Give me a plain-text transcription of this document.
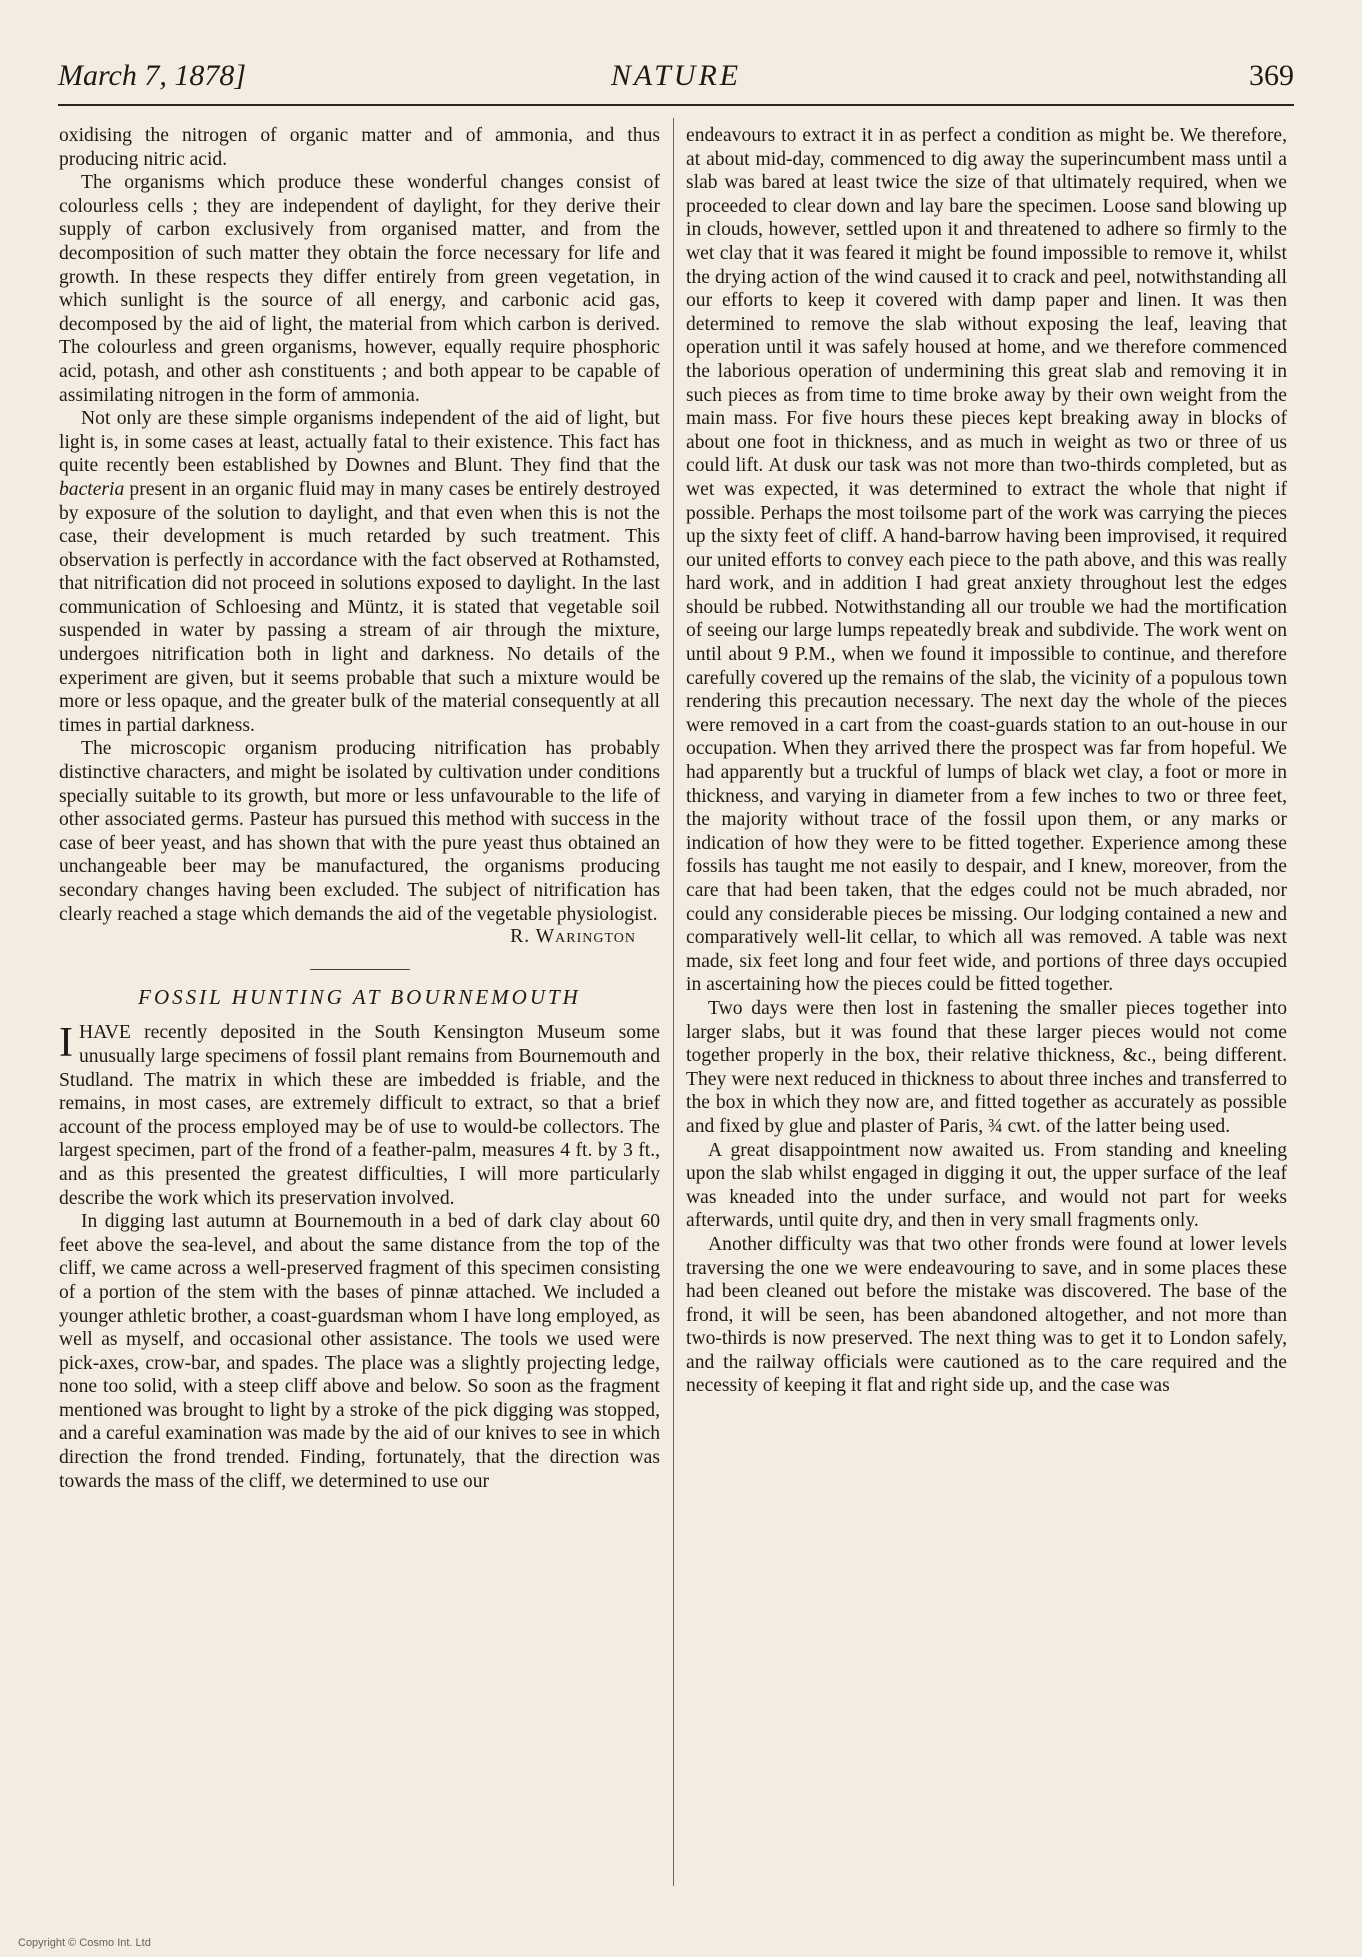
March 7, 1878]	NATURE	369

oxidising the nitrogen of organic matter and of ammonia, and thus producing nitric acid.

The organisms which produce these wonderful changes consist of colourless cells ; they are independent of daylight, for they derive their supply of carbon exclusively from organised matter, and from the decomposition of such matter they obtain the force necessary for life and growth. In these respects they differ entirely from green vegetation, in which sunlight is the source of all energy, and carbonic acid gas, decomposed by the aid of light, the material from which carbon is derived. The colourless and green organisms, however, equally require phosphoric acid, potash, and other ash constituents ; and both appear to be capable of assimilating nitrogen in the form of ammonia.

Not only are these simple organisms independent of the aid of light, but light is, in some cases at least, actually fatal to their existence. This fact has quite recently been established by Downes and Blunt. They find that the bacteria present in an organic fluid may in many cases be entirely destroyed by exposure of the solution to daylight, and that even when this is not the case, their development is much retarded by such treatment. This observation is perfectly in accordance with the fact observed at Rothamsted, that nitrification did not proceed in solutions exposed to daylight. In the last communication of Schloesing and Müntz, it is stated that vegetable soil suspended in water by passing a stream of air through the mixture, undergoes nitrification both in light and darkness. No details of the experiment are given, but it seems probable that such a mixture would be more or less opaque, and the greater bulk of the material consequently at all times in partial darkness.

The microscopic organism producing nitrification has probably distinctive characters, and might be isolated by cultivation under conditions specially suitable to its growth, but more or less unfavourable to the life of other associated germs. Pasteur has pursued this method with success in the case of beer yeast, and has shown that with the pure yeast thus obtained an unchangeable beer may be manufactured, the organisms producing secondary changes having been excluded. The subject of nitrification has clearly reached a stage which demands the aid of the vegetable physiologist.

R. Warington
FOSSIL HUNTING AT BOURNEMOUTH

I HAVE recently deposited in the South Kensington Museum some unusually large specimens of fossil plant remains from Bournemouth and Studland. The matrix in which these are imbedded is friable, and the remains, in most cases, are extremely difficult to extract, so that a brief account of the process employed may be of use to would-be collectors. The largest specimen, part of the frond of a feather-palm, measures 4 ft. by 3 ft., and as this presented the greatest difficulties, I will more particularly describe the work which its preservation involved.

In digging last autumn at Bournemouth in a bed of dark clay about 60 feet above the sea-level, and about the same distance from the top of the cliff, we came across a well-preserved fragment of this specimen consisting of a portion of the stem with the bases of pinnæ attached. We included a younger athletic brother, a coast-guardsman whom I have long employed, as well as myself, and occasional other assistance. The tools we used were pick-axes, crow-bar, and spades. The place was a slightly projecting ledge, none too solid, with a steep cliff above and below. So soon as the fragment mentioned was brought to light by a stroke of the pick digging was stopped, and a careful examination was made by the aid of our knives to see in which direction the frond trended. Finding, fortunately, that the direction was towards the mass of the cliff, we determined to use our

endeavours to extract it in as perfect a condition as might be. We therefore, at about mid-day, commenced to dig away the superincumbent mass until a slab was bared at least twice the size of that ultimately required, when we proceeded to clear down and lay bare the specimen. Loose sand blowing up in clouds, however, settled upon it and threatened to adhere so firmly to the wet clay that it was feared it might be found impossible to remove it, whilst the drying action of the wind caused it to crack and peel, notwithstanding all our efforts to keep it covered with damp paper and linen. It was then determined to remove the slab without exposing the leaf, leaving that operation until it was safely housed at home, and we therefore commenced the laborious operation of undermining this great slab and removing it in such pieces as from time to time broke away by their own weight from the main mass. For five hours these pieces kept breaking away in blocks of about one foot in thickness, and as much in weight as two or three of us could lift. At dusk our task was not more than two-thirds completed, but as wet was expected, it was determined to extract the whole that night if possible. Perhaps the most toilsome part of the work was carrying the pieces up the sixty feet of cliff. A hand-barrow having been improvised, it required our united efforts to convey each piece to the path above, and this was really hard work, and in addition I had great anxiety throughout lest the edges should be rubbed. Notwithstanding all our trouble we had the mortification of seeing our large lumps repeatedly break and subdivide. The work went on until about 9 P.M., when we found it impossible to continue, and therefore carefully covered up the remains of the slab, the vicinity of a populous town rendering this precaution necessary. The next day the whole of the pieces were removed in a cart from the coast-guards station to an out-house in our occupation. When they arrived there the prospect was far from hopeful. We had apparently but a truckful of lumps of black wet clay, a foot or more in thickness, and varying in diameter from a few inches to two or three feet, the majority without trace of the fossil upon them, or any marks or indication of how they were to be fitted together. Experience among these fossils has taught me not easily to despair, and I knew, moreover, from the care that had been taken, that the edges could not be much abraded, nor could any considerable pieces be missing. Our lodging contained a new and comparatively well-lit cellar, to which all was removed. A table was next made, six feet long and four feet wide, and portions of three days occupied in ascertaining how the pieces could be fitted together.

Two days were then lost in fastening the smaller pieces together into larger slabs, but it was found that these larger pieces would not come together properly in the box, their relative thickness, &c., being different. They were next reduced in thickness to about three inches and transferred to the box in which they now are, and fitted together as accurately as possible and fixed by glue and plaster of Paris, ¾ cwt. of the latter being used.

A great disappointment now awaited us. From standing and kneeling upon the slab whilst engaged in digging it out, the upper surface of the leaf was kneaded into the under surface, and would not part for weeks afterwards, until quite dry, and then in very small fragments only.

Another difficulty was that two other fronds were found at lower levels traversing the one we were endeavouring to save, and in some places these had been cleaned out before the mistake was discovered. The base of the frond, it will be seen, has been abandoned altogether, and not more than two-thirds is now preserved. The next thing was to get it to London safely, and the railway officials were cautioned as to the care required and the necessity of keeping it flat and right side up, and the case was

Copyright © Cosmo Int. Ltd
